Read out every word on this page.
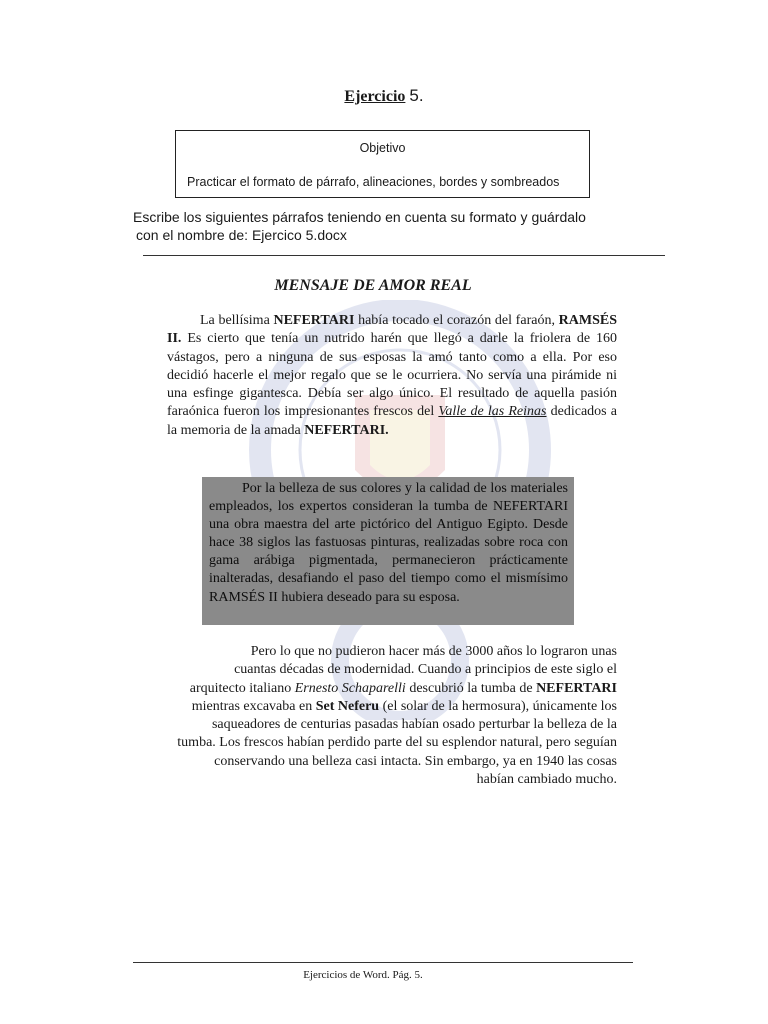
Ejercicio 5.
Objetivo
Practicar el formato de párrafo, alineaciones, bordes y sombreados
Escribe los siguientes párrafos teniendo en cuenta su formato y guárdalo
con el nombre de: Ejercico 5.docx
MENSAJE DE AMOR REAL
La bellísima NEFERTARI había tocado el corazón del faraón, RAMSÉS II. Es cierto que tenía un nutrido harén que llegó a darle la friolera de 160 vástagos, pero a ninguna de sus esposas la amó tanto como a ella. Por eso decidió hacerle el mejor regalo que se le ocurriera. No servía una pirámide ni una esfinge gigantesca. Debía ser algo único. El resultado de aquella pasión faraónica fueron los impresionantes frescos del Valle de las Reinas dedicados a la memoria de la amada NEFERTARI.
Por la belleza de sus colores y la calidad de los materiales empleados, los expertos consideran la tumba de NEFERTARI una obra maestra del arte pictórico del Antiguo Egipto. Desde hace 38 siglos las fastuosas pinturas, realizadas sobre roca con gama arábiga pigmentada, permanecieron prácticamente inalteradas, desafiando el paso del tiempo como el mismísimo RAMSÉS II hubiera deseado para su esposa.
Pero lo que no pudieron hacer más de 3000 años lo lograron unas
cuantas décadas de modernidad. Cuando a principios de este siglo el
arquitecto italiano Ernesto Schaparelli descubrió la tumba de NEFERTARI
mientras excavaba en Set Neferu (el solar de la hermosura), únicamente los
saqueadores de centurias pasadas habían osado perturbar la belleza de la
tumba. Los frescos habían perdido parte del su esplendor natural, pero seguían
conservando una belleza casi intacta. Sin embargo, ya en 1940 las cosas
habían cambiado mucho.
Ejercicios de Word. Pág. 5.
